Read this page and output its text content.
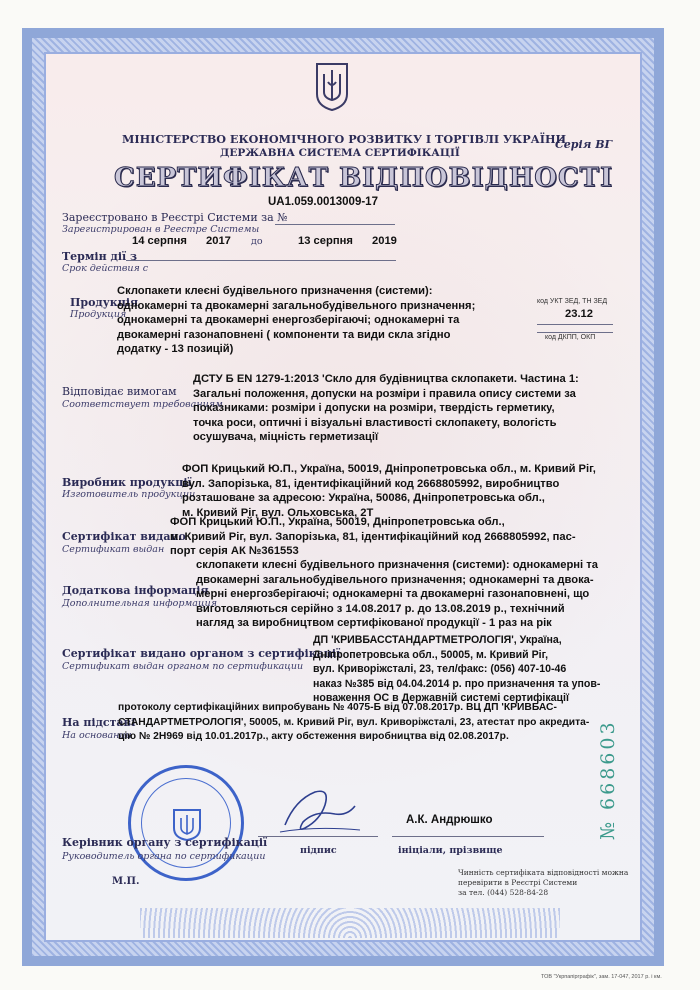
МІНІСТЕРСТВО ЕКОНОМІЧНОГО РОЗВИТКУ І ТОРГІВЛІ УКРАЇНИ
ДЕРЖАВНА СИСТЕМА СЕРТИФІКАЦІЇ
Серія ВГ
СЕРТИФІКАТ ВІДПОВІДНОСТІ
UA1.059.0013009-17
Зареєстровано в Реєстрі Системи за №
Зарегистрирован в Реестре Системы
14 серпня 2017 до	13 серпня 2019
Термін дії з
Срок действия с
Продукція
Продукция
Склопакети клеєні будівельного призначення (системи):
однокамерні та двокамерні загальнобудівельного призначення;
однокамерні та двокамерні енергозберігаючі; однокамерні та
двокамерні газонаповнені ( компоненти та види скла згідно
додатку - 13 позицій)
код УКТ ЗЕД, ТН ЗЕД
23.12
код ДКПП, ОКП
Відповідає вимогам
Соответствует требованиям
ДСТУ Б EN 1279-1:2013 'Скло для будівництва склопакети. Частина 1:
Загальні положення, допуски на розміри і правила опису системи за
показниками: розміри і допуски на розміри, твердість герметику,
точка роси, оптичні і візуальні властивості склопакету, вологість
осушувача, міцність герметизації
Виробник продукції
Изготовитель продукции
ФОП Крицький Ю.П., Україна, 50019, Дніпропетровська обл., м. Кривий Ріг,
вул. Запорізька, 81, ідентифікаційний код 2668805992, виробництво
розташоване за адресою: Україна, 50086, Дніпропетровська обл.,
м. Кривий Ріг, вул. Ольховська, 2Т
Сертифікат видано
Сертификат выдан
ФОП Крицький Ю.П., Україна, 50019, Дніпропетровська обл.,
м. Кривий Ріг, вул. Запорізька, 81, ідентифікаційний код 2668805992, пас-
порт серія АК №361553
Додаткова інформація
Дополнительная информация
склопакети клеєні будівельного призначення (системи): однокамерні та
двокамерні загальнобудівельного призначення; однокамерні та двока-
мерні енергозберігаючі; однокамерні та двокамерні газонаповнені, що
виготовляються серійно з 14.08.2017 р. до 13.08.2019 р., технічний
нагляд за виробництвом сертифікованої продукції - 1 раз на рік
Сертифікат видано органом з сертифікації
Сертификат выдан органом по сертификации
ДП 'КРИВБАССТАНДАРТМЕТРОЛОГІЯ', Україна,
Дніпропетровська обл., 50005, м. Кривий Ріг,
вул. Криворіжсталі, 23, тел/факс: (056) 407-10-46
наказ №385 від 04.04.2014 р. про призначення та упов-
новаження ОС в Державній системі сертифікації
На підставі
На основании
протоколу сертифікаційних випробувань № 4075-Б від 07.08.2017р. ВЦ ДП 'КРИВБАС-
СТАНДАРТМЕТРОЛОГІЯ', 50005, м. Кривий Ріг, вул. Криворіжсталі, 23, атестат про акредита-
цію № 2Н969 від 10.01.2017р., акту обстеження виробництва від 02.08.2017р.	№ 668603
А.К. Андрюшко
Керівник органу з сертифікації
Руководитель органа по сертификации
підпис	ініціали, прізвище
М.П.
Чинність сертифіката відповідності можна
перевірити в Реєстрі Системи
за тел. (044) 528-84-28
ТОВ "Укрпапірграфік", зам. 17-047, 2017 р. і км.
